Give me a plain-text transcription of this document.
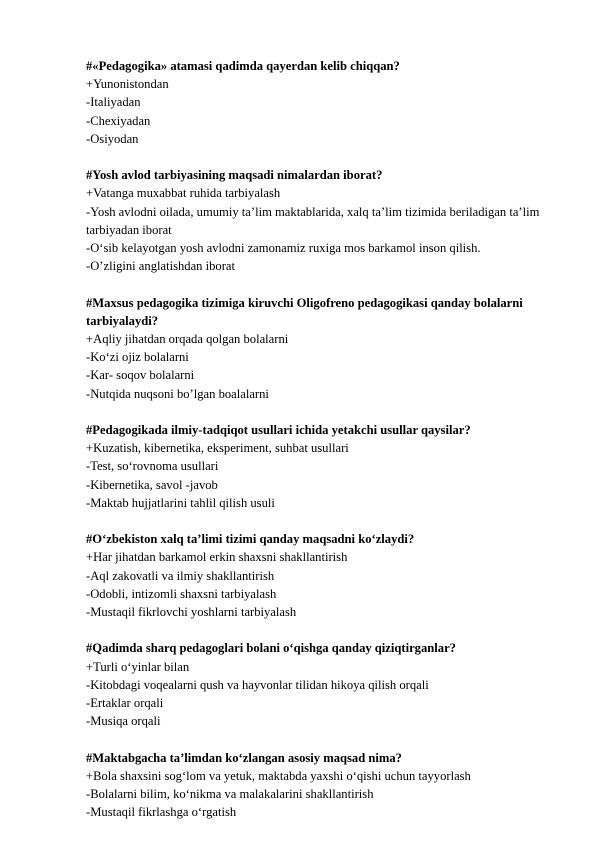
#«Pedagogika» atamasi qadimda qayerdan kelib chiqqan?
+Yunonistondan
-Italiyadan
-Chexiyadan
-Osiyodan
#Yosh avlod tarbiyasining maqsadi nimalardan iborat?
+Vatanga muxabbat ruhida tarbiyalash
-Yosh avlodni oilada, umumiy ta’lim maktablarida, xalq ta’lim tizimida beriladigan ta’lim tarbiyadan iborat
-O‘sib kelayotgan yosh avlodni zamonamiz ruxiga mos barkamol inson qilish.
-O’zligini anglatishdan iborat
#Maxsus pedagogika tizimiga kiruvchi Oligofreno pedagogikasi qanday bolalarni tarbiyalaydi?
+Aqliy jihatdan orqada qolgan bolalarni
-Ko‘zi ojiz bolalarni
-Kar- soqov bolalarni
-Nutqida nuqsoni bo’lgan boalalarni
#Pedagogikada ilmiy-tadqiqot usullari ichida yetakchi usullar qaysilar?
+Kuzatish, kibernetika, eksperiment, suhbat usullari
-Test, so‘rovnoma usullari
-Kibernetika, savol -javob
-Maktab hujjatlarini tahlil qilish usuli
#O‘zbekiston xalq ta’limi tizimi qanday maqsadni ko‘zlaydi?
+Har jihatdan barkamol erkin shaxsni shakllantirish
-Aql zakovatli va ilmiy shakllantirish
-Odobli, intizomli shaxsni tarbiyalash
-Mustaqil fikrlovchi yoshlarni tarbiyalash
#Qadimda sharq pedagoglari bolani o‘qishga qanday qiziqtirganlar?
+Turli o‘yinlar bilan
-Kitobdagi voqealarni qush va hayvonlar tilidan hikoya qilish orqali
-Ertaklar orqali
-Musiqa orqali
#Maktabgacha ta’limdan ko‘zlangan asosiy maqsad nima?
+Bola shaxsini sog‘lom va yetuk, maktabda yaxshi o‘qishi uchun tayyorlash
-Bolalarni bilim, ko‘nikma va malakalarini shakllantirish
-Mustaqil fikrlashga o‘rgatish
